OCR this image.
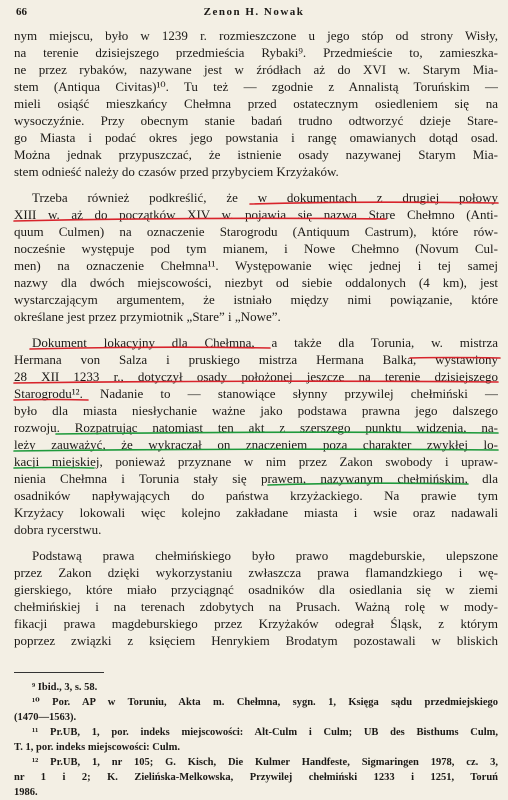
66	Zenon H. Nowak
nym miejscu, było w 1239 r. rozmieszczone u jego stóp od strony Wisły,
na terenie dzisiejszego przedmieścia Rybaki⁹. Przedmieście to, zamieszka-
ne przez rybaków, nazywane jest w źródłach aż do XVI w. Starym Mia-
stem (Antiqua Civitas)¹⁰. Tu też — zgodnie z Annalistą Toruńskim —
mieli osiąść mieszkańcy Chełmna przed ostatecznym osiedleniem się na
wysoczyźnie. Przy obecnym stanie badań trudno odtworzyć dzieje Stare-
go Miasta i podać okres jego powstania i rangę omawianych dotąd osad.
Można jednak przypuszczać, że istnienie osady nazywanej Starym Mia-
stem odnieść należy do czasów przed przybyciem Krzyżaków.
Trzeba również podkreślić, że w dokumentach z drugiej połowy
XIII w. aż do początków XIV w. pojawia się nazwa Stare Chełmno (Anti-
quum Culmen) na oznaczenie Starogrodu (Antiquum Castrum), które rów-
nocześnie występuje pod tym mianem, i Nowe Chełmno (Novum Cul-
men) na oznaczenie Chełmna¹¹. Występowanie więc jednej i tej samej
nazwy dla dwóch miejscowości, niezbyt od siebie oddalonych (4 km), jest
wystarczającym argumentem, że istniało między nimi powiązanie, które
określane jest przez przymiotnik „Stare” i „Nowe”.
Dokument lokacyjny dla Chełmna, a także dla Torunia, w. mistrza
Hermana von Salza i pruskiego mistrza Hermana Balka, wystawiony
28 XII 1233 r., dotyczył osady położonej jeszcze na terenie dzisiejszego
Starogrodu¹². Nadanie to — stanowiące słynny przywilej chełmiński —
było dla miasta niesłychanie ważne jako podstawa prawna jego dalszego
rozwoju. Rozpatrując natomiast ten akt z szerszego punktu widzenia, na-
leży zauważyć, że wykraczał on znaczeniem poza charakter zwykłej lo-
kacji miejskiej, ponieważ przyznane w nim przez Zakon swobody i upraw-
nienia Chełmna i Torunia stały się prawem, nazywanym chełmińskim, dla
osadników napływających do państwa krzyżackiego. Na prawie tym
Krzyżacy lokowali więc kolejno zakładane miasta i wsie oraz nadawali
dobra rycerstwu.
Podstawą prawa chełmińskiego było prawo magdeburskie, ulepszone
przez Zakon dzięki wykorzystaniu zwłaszcza prawa flamandzkiego i wę-
gierskiego, które miało przyciągnąć osadników dla osiedlania się w ziemi
chełmińskiej i na terenach zdobytych na Prusach. Ważną rolę w mody-
fikacji prawa magdeburskiego przez Krzyżaków odegrał Śląsk, z którym
poprzez związki z księciem Henrykiem Brodatym pozostawali w bliskich
⁹ Ibid., 3, s. 58.
¹⁰ Por. AP w Toruniu, Akta m. Chełmna, sygn. 1, Księga sądu przedmiejskiego
(1470—1563).
¹¹ Pr.UB, 1, por. indeks miejscowości: Alt-Culm i Culm; UB des Bisthums Culm,
T. 1, por. indeks miejscowości: Culm.
¹² Pr.UB, 1, nr 105; G. Kisch, Die Kulmer Handfeste, Sigmaringen 1978, cz. 3,
nr 1 i 2; K. Zielińska-Melkowska, Przywilej chełmiński 1233 i 1251, Toruń
1986.
